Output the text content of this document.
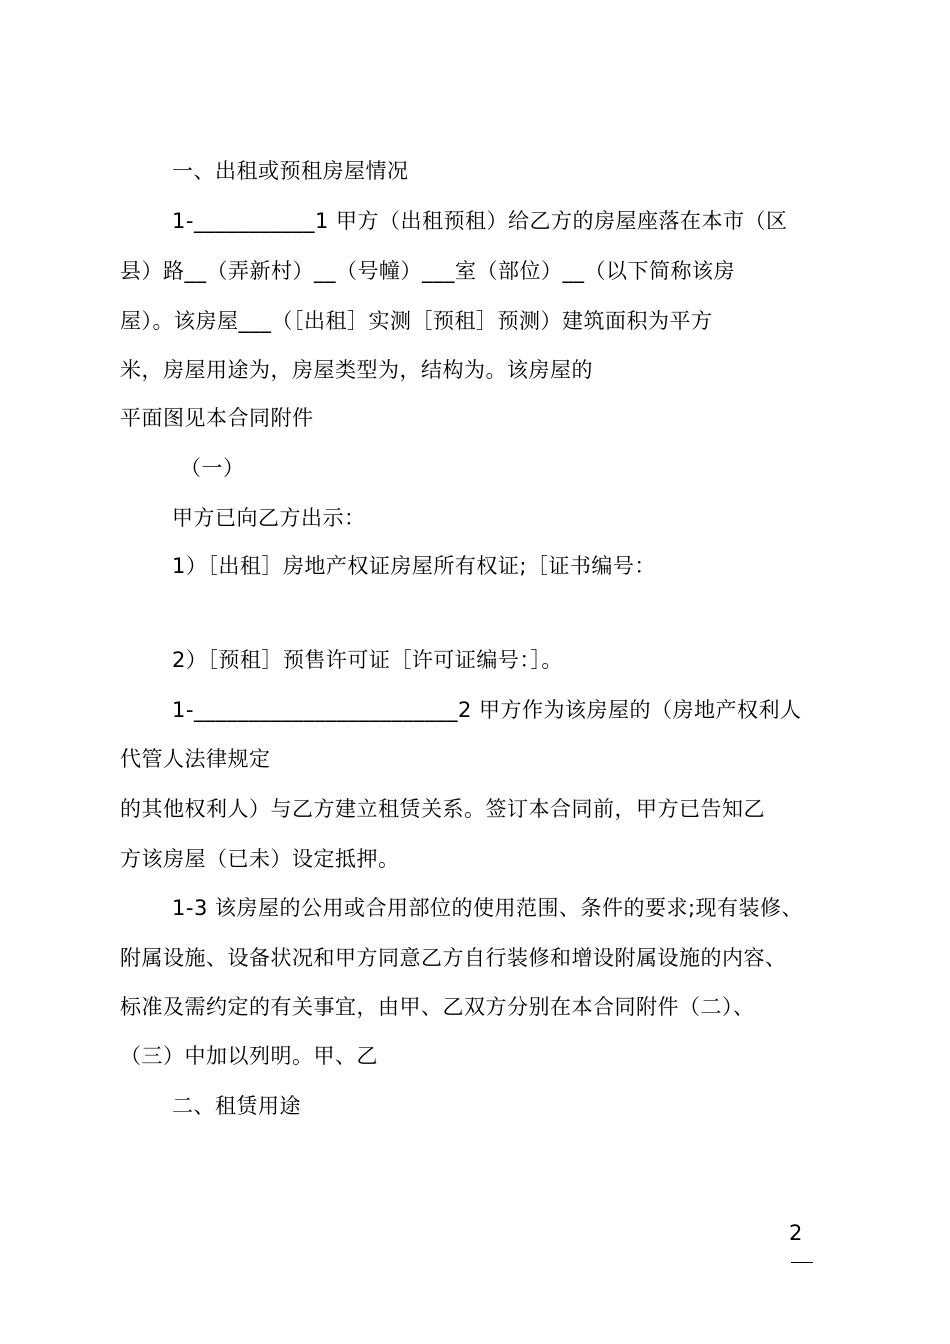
一、出租或预租房屋情况
1-___________1 甲方（出租预租）给乙方的房屋座落在本市（区
县）路__（弄新村）__（号幢）___室（部位）__（以下简称该房
屋）。该房屋___（［出租］实测［预租］预测）建筑面积为平方
米，房屋用途为，房屋类型为，结构为。该房屋的
平面图见本合同附件
（一）
甲方已向乙方出示：
1）［出租］房地产权证房屋所有权证;［证书编号：
2）［预租］预售许可证［许可证编号：］。
1-________________________2 甲方作为该房屋的（房地产权利人
代管人法律规定
的其他权利人）与乙方建立租赁关系。签订本合同前，甲方已告知乙
方该房屋（已未）设定抵押。
1-3 该房屋的公用或合用部位的使用范围、条件的要求;现有装修、
附属设施、设备状况和甲方同意乙方自行装修和增设附属设施的内容、
标准及需约定的有关事宜，由甲、乙双方分别在本合同附件（二）、
（三）中加以列明。甲、乙
二、租赁用途
2
